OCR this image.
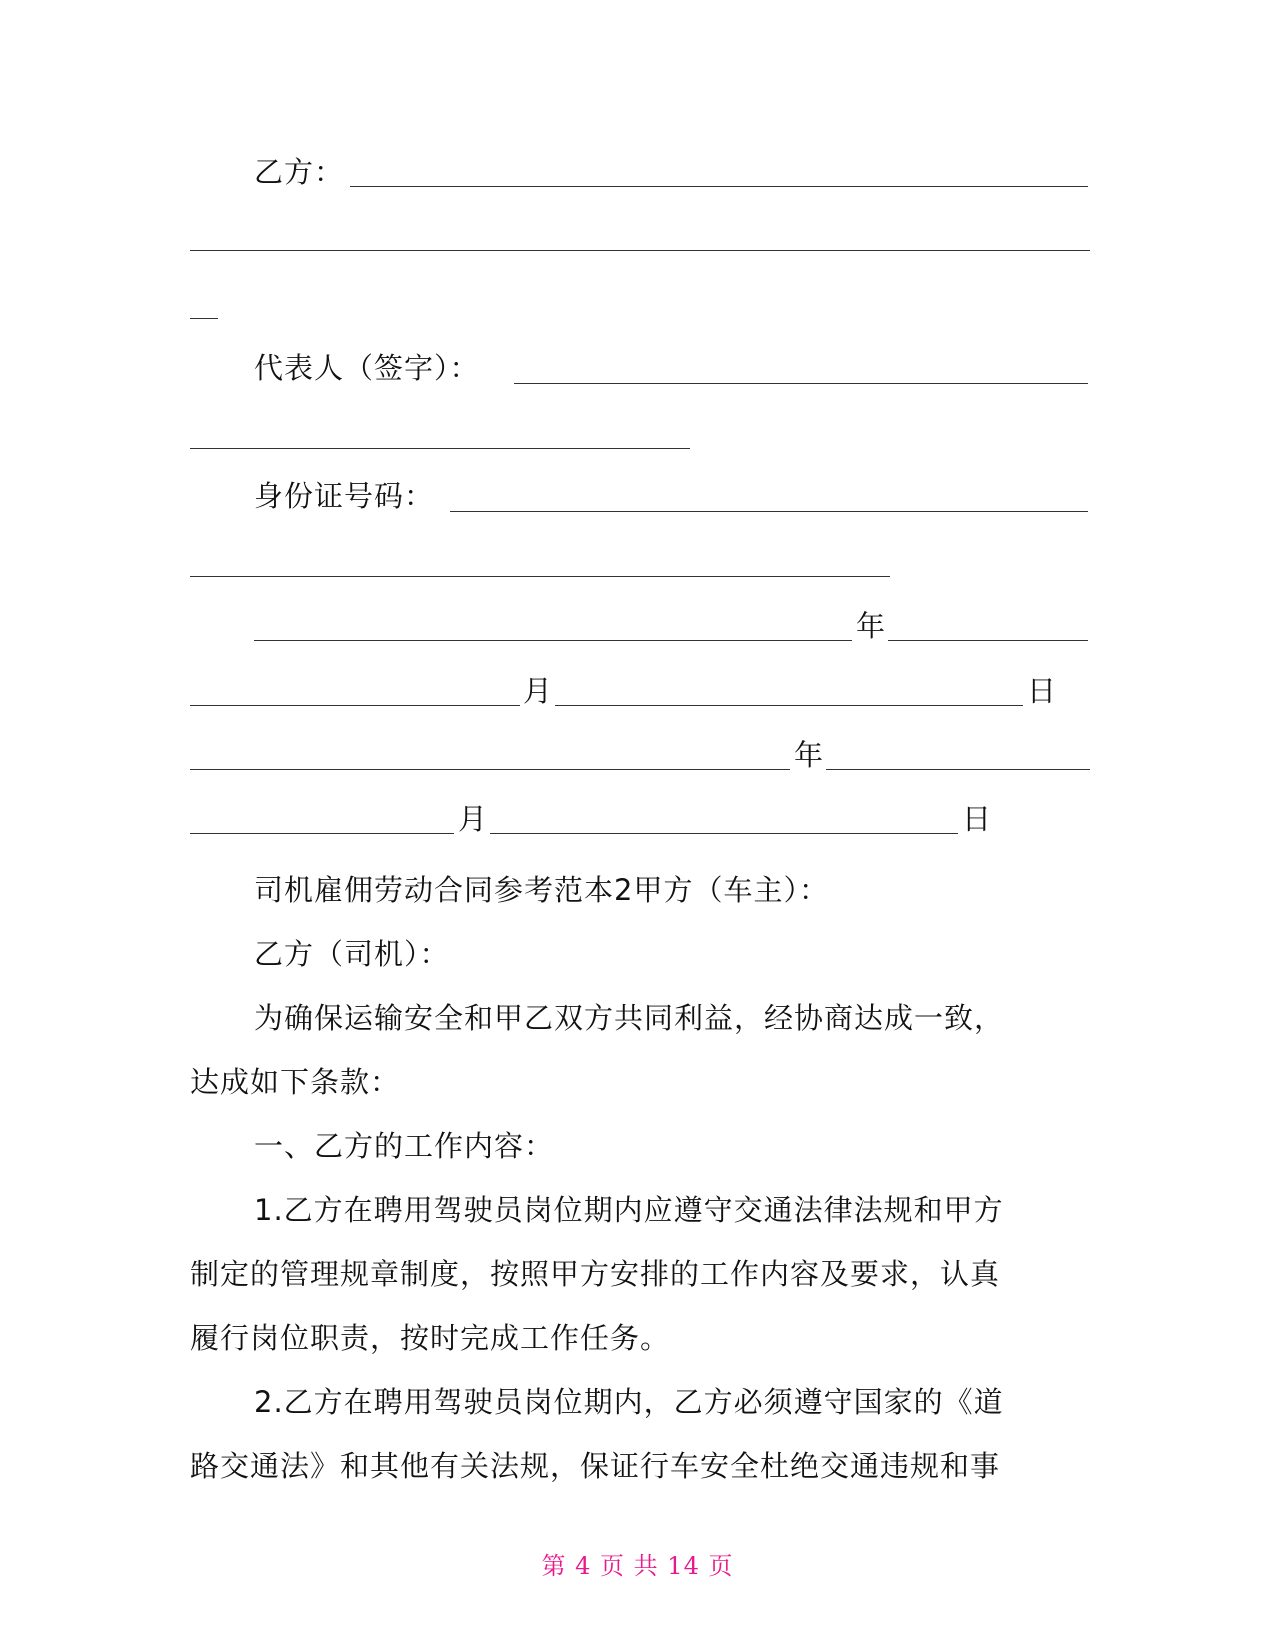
乙方：
代表人（签字）：
身份证号码：
年
月	日
年
月	日
司机雇佣劳动合同参考范本2甲方（车主）：
乙方（司机）：
为确保运输安全和甲乙双方共同利益，经协商达成一致，
达成如下条款：
一、乙方的工作内容：
1.乙方在聘用驾驶员岗位期内应遵守交通法律法规和甲方
制定的管理规章制度，按照甲方安排的工作内容及要求，认真
履行岗位职责，按时完成工作任务。
2.乙方在聘用驾驶员岗位期内，乙方必须遵守国家的《道
路交通法》和其他有关法规，保证行车安全杜绝交通违规和事
第 4 页 共 14 页
